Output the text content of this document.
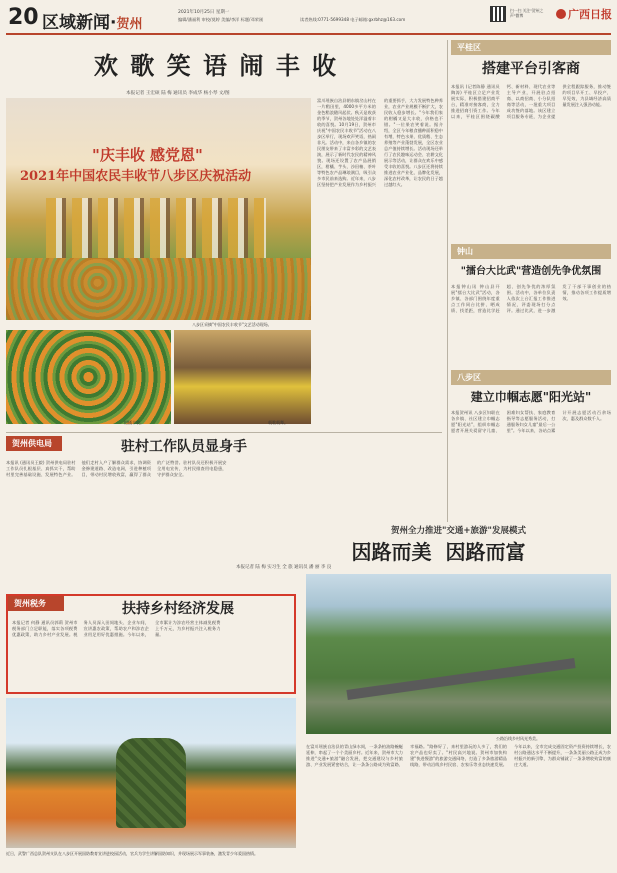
20 区域新闻·贺州
2021年10月25日 星期一
编辑/潘福利 审校/莫婷 美编/李洋 标题/邓荣刚	读者热线:0771-5699348 电子邮箱:gxrbhz@163.com
扫一扫 关注"贺州之声"微博	广西日报
欢 歌 笑 语 闹 丰 收
本报记者 王宏硕 陆 梅 通讯员 李成华 杨小琴 文/图
"庆丰收 感党恩"
2021年中国农民丰收节八步区庆祝活动
八步区采摘"中国农民丰收节"文艺活动现场。
柑橘丰收。	载歌载舞。
富川瑶族自治县朝东镇岔山村在一片稻田里，4000多平方米的金色稻浪随风起伏。秋天是收获的季节，贺州各地处处洋溢着丰收的喜悦。10月19日，贺州市庆祝"中国农民丰收节"活动在八步区举行，现场欢声笑语，热闹非凡。活动中，来自各乡镇的农民朋友带来了丰富多彩的文艺表演，展示了新时代农民的精神风貌。现场还设置了农产品展销区，柑橘、芋头、沙田柚、茶叶等特色农产品琳琅满目，吸引众多市民前来选购。近年来，八步区坚持把产业发展作为乡村振兴的重要抓手，大力发展特色种养业，农业产业规模不断扩大，农民收入稳步增长。"今年我们家的柑橘又是大丰收，价格也不错。"一位果农笑着说。据介绍，全区今年粮食播种面积稳中有增，特色水果、优质稻、生态养殖等产业蓬勃发展，全区农业总产值持续增长。活动现场还举行了农民趣味运动会、农耕文化展示等活动，让群众在欢乐中感受丰收的喜悦。八步区还将持续推进农业产业化、品牌化发展，深化农村改革，让农民的日子越过越红火。
平桂区
搭建平台引客商
本报讯 (记者陈静 通讯员陶涛) 平桂区立足产业发展实际，积极搭建招商平台，精准对接客商，全力推进招商引资工作。今年以来，平桂区围绕碳酸钙、新材料、现代农业等主导产业，开展驻点招商、以商招商、小分队招商等活动，一批重大项目成功签约落地。该区建立项目服务专班，为企业提供全程跟踪服务，推动签约项目早开工、早投产、早见效，为县域经济高质量发展注入强劲动能。
钟山
"擂台大比武"营造创先争优氛围
本报钟山讯 钟山县开展"擂台大比武"活动，各乡镇、各部门围绕年度重点工作同台比拼、晒成绩、找差距，营造比学赶超、创先争优的浓厚氛围。活动中，各单位负责人依次上台汇报工作推进情况，评委现场打分点评。通过比武，进一步激发了干部干事创业的热情，推动各项工作提质增效。
八步区
建立巾帼志愿"阳光站"
本报贺州讯 八步区妇联在各乡镇、社区建立巾帼志愿"阳光站"，组织巾帼志愿者开展关爱留守儿童、困难妇女帮扶、家庭教育指导等志愿服务活动，打通服务妇女儿童"最后一公里"。今年以来，各站点累计开展志愿活动百余场次，惠及群众数千人。
贺州供电局	驻村工作队员显身手
本报讯 (通讯员王毅) 贺州供电局驻村工作队员扎根基层、真抓实干，帮助村里完善基础设施、发展特色产业。他们走村入户了解群众需求，协调资金修建道路、改造电网，引进种植项目，带动村民增收致富，赢得了群众的广泛赞誉。驻村队员还积极开展安全用电宣传，为村民排查用电隐患，守护群众安全。
贺州税务	扶持乡村经济发展
本报记者 何静 通讯员郭莉 贺州市税务部门立足职能，落实各项税费优惠政策，助力乡村产业发展。税务人员深入田间地头、企业车间，宣讲惠农政策，帮助农户和涉农企业用足用好优惠措施。今年以来，全市累计为涉农经营主体减免税费上千万元，为乡村振兴注入税务力量。
近日，武警广西总队贺州支队在八步区开展国防教育宣讲进校园活动，官兵为学生讲解国防知识，并现场展示军事装备，激发青少年爱国热情。
贺州全力推进"交通+旅游"发展模式
因路而美  因路而富
本报记者 陆 梅 实习生 全 旅 通讯员 潘 丽 李 良
公路沿线乡村风光秀美。
在富川瑶族自治县的青山绿水间，一条条柏油路蜿蜒延伸，串起了一个个美丽乡村。近年来，贺州市大力推进"交通+旅游"融合发展，把交通建设与乡村旅游、产业发展紧密结合，让一条条公路成为致富路、幸福路。"路修好了，来村里游玩的人多了，我们的农产品也好卖了。"村民高兴地说。贺州市加快构建"快进慢游"的旅游交通网络，打造了多条旅游精品线路，带动沿线乡村民宿、农家乐等业态快速发展。今年以来，全市完成交通固定资产投资持续增长，农村公路通达水平不断提升，一条条美丽公路正成为乡村振兴的新引擎，为群众铺就了一条条增收致富的康庄大道。
